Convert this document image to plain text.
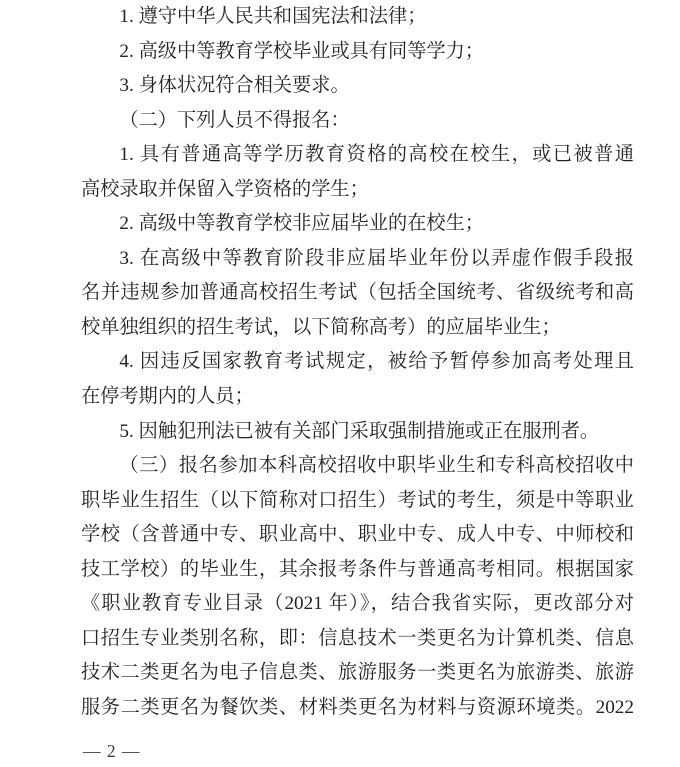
1. 遵守中华人民共和国宪法和法律；
2. 高级中等教育学校毕业或具有同等学力；
3. 身体状况符合相关要求。
（二）下列人员不得报名：
1. 具有普通高等学历教育资格的高校在校生，或已被普通
高校录取并保留入学资格的学生；
2. 高级中等教育学校非应届毕业的在校生；
3. 在高级中等教育阶段非应届毕业年份以弄虚作假手段报
名并违规参加普通高校招生考试（包括全国统考、省级统考和高
校单独组织的招生考试，以下简称高考）的应届毕业生；
4. 因违反国家教育考试规定，被给予暂停参加高考处理且
在停考期内的人员；
5. 因触犯刑法已被有关部门采取强制措施或正在服刑者。
（三）报名参加本科高校招收中职毕业生和专科高校招收中
职毕业生招生（以下简称对口招生）考试的考生，须是中等职业
学校（含普通中专、职业高中、职业中专、成人中专、中师校和
技工学校）的毕业生，其余报考条件与普通高考相同。根据国家
《职业教育专业目录（2021 年）》，结合我省实际，更改部分对
口招生专业类别名称，即：信息技术一类更名为计算机类、信息
技术二类更名为电子信息类、旅游服务一类更名为旅游类、旅游
服务二类更名为餐饮类、材料类更名为材料与资源环境类。2022
— 2 —
